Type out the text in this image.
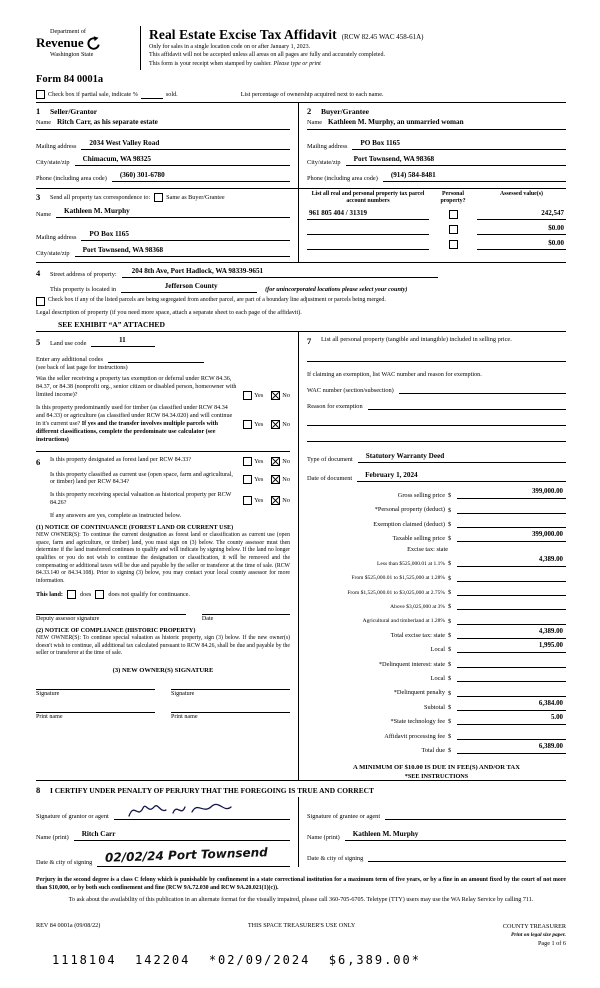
Department of
Revenue
Washington State
Real Estate Excise Tax Affidavit (RCW 82.45 WAC 458-61A)
Only for sales in a single location code on or after January 1, 2023.
This affidavit will not be accepted unless all areas on all pages are fully and accurately completed.
This form is your receipt when stamped by cashier. Please type or print
Form 84 0001a
Check box if partial sale, indicate %	sold.	List percentage of ownership acquired next to each name.
1	Seller/Grantor
Name Ritch Carr, as his separate estate
Mailing address	2034 West Valley Road
City/state/zip	Chimacum, WA 98325
Phone (including area code)	(360) 301-6780
2	Buyer/Grantee
Name Kathleen M. Murphy, an unmarried woman
Mailing address	PO Box 1165
City/state/zip	Port Townsend, WA 98368
Phone (including area code)	(914) 584-8481
3	Send all property tax correspondence to:	Same as Buyer/Grantee
Name	Kathleen M. Murphy
Mailing address	PO Box 1165
City/state/zip	Port Townsend, WA 98368
List all real and personal property tax parcel account numbers
Personal property?
Assessed value(s)
961 805 404 / 31319	242,547
$0.00
$0.00
4	Street address of property:	204 8th Ave, Port Hadlock, WA 98339-9651
This property is located in	Jefferson County	(for unincorporated locations please select your county)
Check box if any of the listed parcels are being segregated from another parcel, are part of a boundary line adjustment or parcels being merged.
Legal description of property (if you need more space, attach a separate sheet to each page of the affidavit).
SEE EXHIBIT “A” ATTACHED
5	Land use code	11
Enter any additional codes
(see back of last page for instructions)
Was the seller receiving a property tax exemption or deferral under RCW 84.36, 84.37, or 84.38 (nonprofit org., senior citizen or disabled person, homeowner with limited income)?	Yes	No
Is this property predominantly used for timber (as classified under RCW 84.34 and 84.33) or agriculture (as classified under RCW 84.34.020) and will continue in it's current use? If yes and the transfer involves multiple parcels with different classifications, complete the predominate use calculator (see instructions)
Yes	No
6	Is this property designated as forest land per RCW 84.33?	Yes	No
Is this property classified as current use (open space, farm and agricultural, or timber) land per RCW 84.34?	Yes	No
Is this property receiving special valuation as historical property per RCW 84.26?	Yes	No
If any answers are yes, complete as instructed below.
(1) NOTICE OF CONTINUANCE (FOREST LAND OR CURRENT USE)
NEW OWNER(S): To continue the current designation as forest land or classification as current use (open space, farm and agriculture, or timber) land, you must sign on (3) below. The county assessor must then determine if the land transferred continues to qualify and will indicate by signing below. If the land no longer qualifies or you do not wish to continue the designation or classification, it will be removed and the compensating or additional taxes will be due and payable by the seller or transferor at the time of sale. (RCW 84.33.140 or 84.34.108). Prior to signing (3) below, you may contact your local county assessor for more information.
This land:	does	does not qualify for continuance.
Deputy assessor signature	Date
(2) NOTICE OF COMPLIANCE (HISTORIC PROPERTY)
NEW OWNER(S): To continue special valuation as historic property, sign (3) below. If the new owner(s) doesn't wish to continue, all additional tax calculated pursuant to RCW 84.26, shall be due and payable by the seller or transferor at the time of sale.
(3) NEW OWNER(S) SIGNATURE
Signature	Signature
Print name	Print name
7	List all personal property (tangible and intangible) included in selling price.
If claiming an exemption, list WAC number and reason for exemption.
WAC number (section/subsection)
Reason for exemption
Type of document	Statutory Warranty Deed
Date of document	February 1, 2024
Gross selling price $
399,000.00
*Personal property (deduct) $
Exemption claimed (deduct) $
Taxable selling price $
399,000.00
Excise tax: state
Less than $525,000.01 at 1.1% $
4,389.00
From $525,000.01 to $1,525,000 at 1.28% $
From $1,525,000.01 to $3,025,000 at 2.75% $
Above $3,025,000 at 3% $
Agricultural and timberland at 1.28% $
Total excise tax: state $
4,389.00
Local $
1,995.00
*Delinquent interest: state $
Local $
*Delinquent penalty $
Subtotal $
6,384.00
*State technology fee $
5.00
Affidavit processing fee $
Total due $
6,389.00
A MINIMUM OF $10.00 IS DUE IN FEE(S) AND/OR TAX
*SEE INSTRUCTIONS
8	I CERTIFY UNDER PENALTY OF PERJURY THAT THE FOREGOING IS TRUE AND CORRECT
Signature of grantor or agent
Name (print)	Ritch Carr
Date & city of signing	02/02/24 Port Townsend
Signature of grantee or agent
Name (print)	Kathleen M. Murphy
Date & city of signing
Perjury in the second degree is a class C felony which is punishable by confinement in a state correctional institution for a maximum term of five years, or by a fine in an amount fixed by the court of not more than $10,000, or by both such confinement and fine (RCW 9A.72.030 and RCW 9A.20.021(1)(c)).
To ask about the availability of this publication in an alternate format for the visually impaired, please call 360-705-6705. Teletype (TTY) users may use the WA Relay Service by calling 711.
REV 84 0001a (09/08/22)	THIS SPACE TREASURER'S USE ONLY	COUNTY TREASURER
Print on legal size paper.
Page 1 of 6
1118104  142204  *02/09/2024  $6,389.00*
